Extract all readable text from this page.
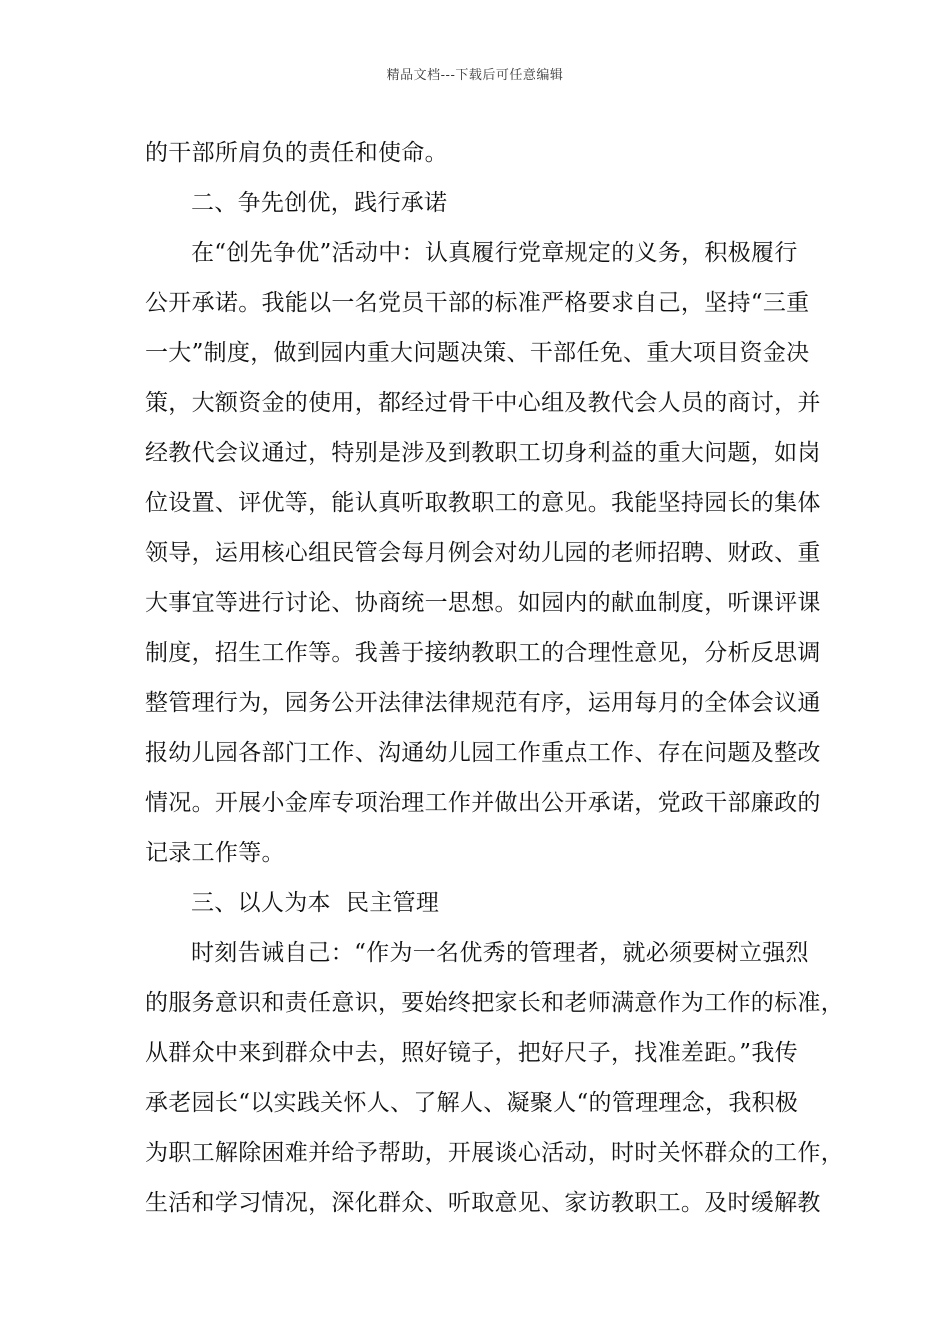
精品文档---下载后可任意编辑
的干部所肩负的责任和使命。
二、争先创优，践行承诺
在“创先争优”活动中：认真履行党章规定的义务，积极履行
公开承诺。我能以一名党员干部的标准严格要求自己，坚持“三重
一大”制度，做到园内重大问题决策、干部任免、重大项目资金决
策，大额资金的使用，都经过骨干中心组及教代会人员的商讨，并
经教代会议通过，特别是涉及到教职工切身利益的重大问题，如岗
位设置、评优等，能认真听取教职工的意见。我能坚持园长的集体
领导，运用核心组民管会每月例会对幼儿园的老师招聘、财政、重
大事宜等进行讨论、协商统一思想。如园内的献血制度，听课评课
制度，招生工作等。我善于接纳教职工的合理性意见，分析反思调
整管理行为，园务公开法律法律规范有序，运用每月的全体会议通
报幼儿园各部门工作、沟通幼儿园工作重点工作、存在问题及整改
情况。开展小金库专项治理工作并做出公开承诺，党政干部廉政的
记录工作等。
三、以人为本  民主管理
时刻告诫自己：“作为一名优秀的管理者，就必须要树立强烈
的服务意识和责任意识，要始终把家长和老师满意作为工作的标准，
从群众中来到群众中去，照好镜子，把好尺子，找准差距。”我传
承老园长“以实践关怀人、了解人、凝聚人“的管理理念，我积极
为职工解除困难并给予帮助，开展谈心活动，时时关怀群众的工作，
生活和学习情况，深化群众、听取意见、家访教职工。及时缓解教
